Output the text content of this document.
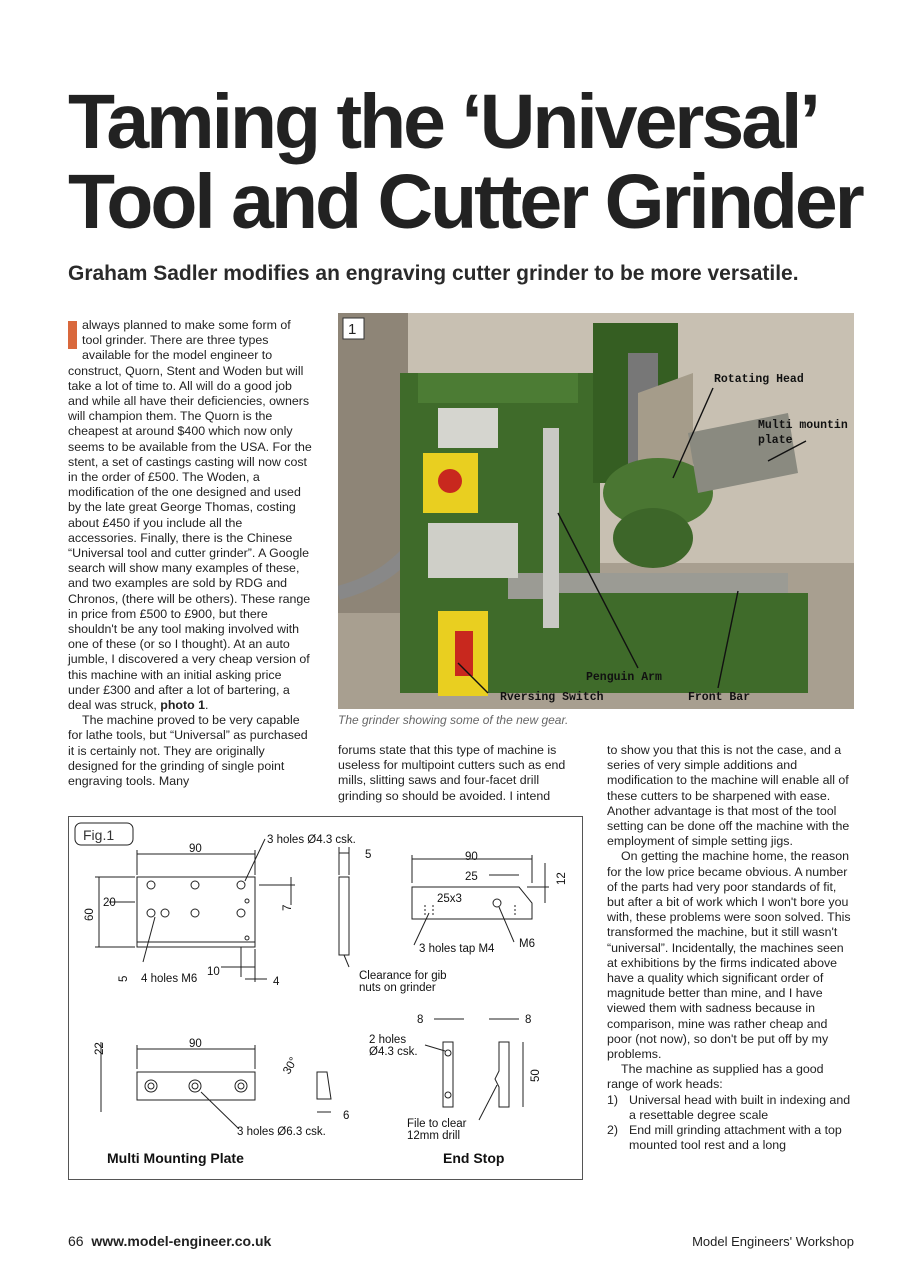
Taming the ‘Universal’
Tool and Cutter Grinder

Graham Sadler modifies an engraving cutter grinder to be more versatile.

always planned to make some form of tool grinder. There are three types available for the model engineer to construct, Quorn, Stent and Woden but will take a lot of time to. All will do a good job and while all have their deficiencies, owners will champion them. The Quorn is the cheapest at around $400 which now only seems to be available from the USA. For the stent, a set of castings casting will now cost in the order of £500. The Woden, a modification of the one designed and used by the late great George Thomas, costing about £450 if you include all the accessories. Finally, there is the Chinese “Universal tool and cutter grinder”. A Google search will show many examples of these, and two examples are sold by RDG and Chronos, (there will be others). These range in price from £500 to £900, but there shouldn't be any tool making involved with one of these (or so I thought). At an auto jumble, I discovered a very cheap version of this machine with an initial asking price under £300 and after a lot of bartering, a deal was struck, photo 1.

The machine proved to be very capable for lathe tools, but “Universal” as purchased it is certainly not. They are originally designed for the grinding of single point engraving tools. Many

forums state that this type of machine is useless for multipoint cutters such as end mills, slitting saws and four-facet drill grinding so should be avoided. I intend

to show you that this is not the case, and a series of very simple additions and modification to the machine will enable all of these cutters to be sharpened with ease. Another advantage is that most of the tool setting can be done off the machine with the employment of simple setting jigs.

On getting the machine home, the reason for the low price became obvious. A number of the parts had very poor standards of fit, but after a bit of work which I won't bore you with, these problems were soon solved. This transformed the machine, but it still wasn't “universal”. Incidentally, the machines seen at exhibitions by the firms indicated above have a quality which significant order of magnitude better than mine, and I have viewed them with sadness because in comparison, mine was rather cheap and poor (not now), so don't be put off by my problems.

The machine as supplied has a good range of work heads:

1) Universal head with built in indexing and a resettable degree scale
2) End mill grinding attachment with a top mounted tool rest and a long
1
Rotating Head
Multi mountin
plate
Penguin Arm
Rversing Switch	Front Bar
The grinder showing some of the new gear.
Fig.1
90
3 holes Ø4.3 csk.
5
20
60
7
10
4
5 4 holes M6	Clearance for gib
nuts on grinder
90
25	12
25x3
3 holes tap M4 M6
90
22
30°
6
3 holes Ø6.3 csk.
8	8
50
2 holes
Ø4.3 csk.
File to clear
12mm drill
Multi Mounting Plate	End Stop
66 www.model-engineer.co.uk	Model Engineers' Workshop
